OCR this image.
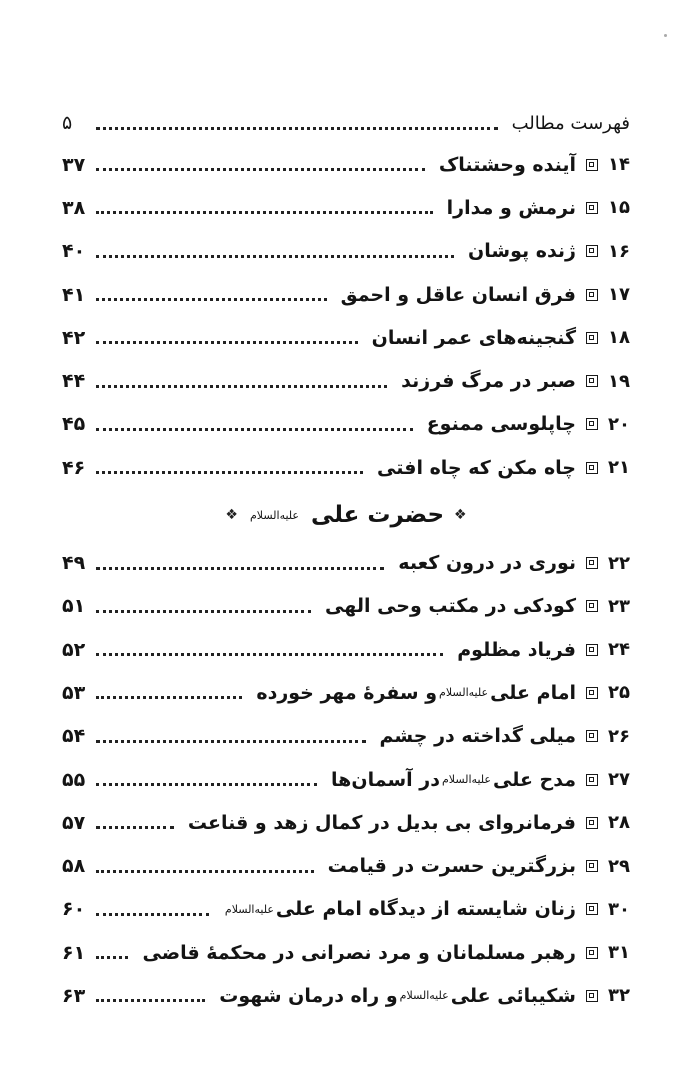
فهرست مطالب
۵
۱۴
آینده وحشتناک
۳۷
۱۵
نرمش و مدارا
۳۸
۱۶
ژنده پوشان
۴۰
۱۷
فرق انسان عاقل و احمق
۴۱
۱۸
گنجینه‌های عمر انسان
۴۲
۱۹
صبر در مرگ فرزند
۴۴
۲۰
چاپلوسی ممنوع
۴۵
۲۱
چاه مکن که چاه افتی
۴۶
❖
حضرت علی
عليه‌السلام
❖
۲۲
نوری در درون کعبه
۴۹
۲۳
کودکی در مکتب وحی الهی
۵۱
۲۴
فریاد مظلوم
۵۲
۲۵
امام علی
عليه‌السلام
و سفرهٔ مهر خورده
۵۳
۲۶
میلی گداخته در چشم
۵۴
۲۷
مدح علی
عليه‌السلام
در آسمان‌ها
۵۵
۲۸
فرمانروای بی بدیل در کمال زهد و قناعت
۵۷
۲۹
بزرگترین حسرت در قیامت
۵۸
۳۰
زنان شایسته از دیدگاه امام علی
عليه‌السلام
۶۰
۳۱
رهبر مسلمانان و مرد نصرانی در محکمهٔ قاضی
۶۱
۳۲
شکیبائی علی
عليه‌السلام
و راه درمان شهوت
۶۳
